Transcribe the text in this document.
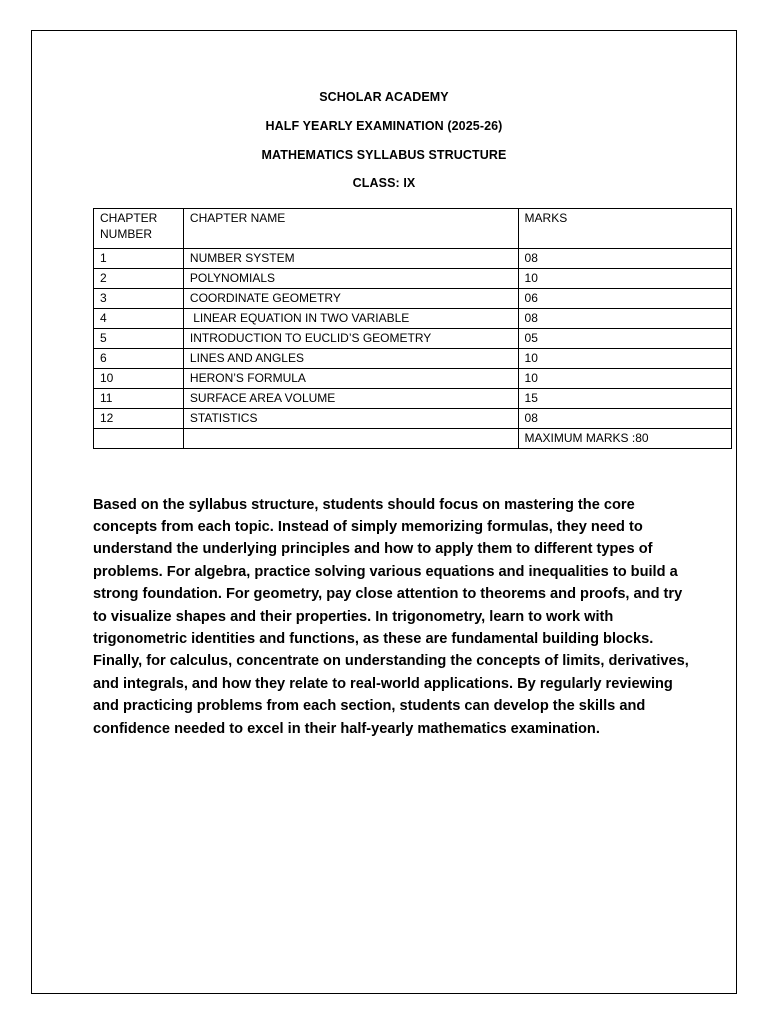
SCHOLAR ACADEMY
HALF YEARLY EXAMINATION (2025-26)
MATHEMATICS SYLLABUS STRUCTURE
CLASS: IX
CHAPTER NUMBER	CHAPTER NAME	MARKS
1	NUMBER SYSTEM	08
2	POLYNOMIALS	10
3	COORDINATE GEOMETRY	06
4	LINEAR EQUATION IN TWO VARIABLE	08
5	INTRODUCTION TO EUCLID’S GEOMETRY	05
6	LINES AND ANGLES	10
10	HERON’S FORMULA	10
11	SURFACE AREA VOLUME	15
12	STATISTICS	08
		MAXIMUM MARKS :80

Based on the syllabus structure, students should focus on mastering the core concepts from each topic. Instead of simply memorizing formulas, they need to understand the underlying principles and how to apply them to different types of problems. For algebra, practice solving various equations and inequalities to build a strong foundation. For geometry, pay close attention to theorems and proofs, and try to visualize shapes and their properties. In trigonometry, learn to work with trigonometric identities and functions, as these are fundamental building blocks. Finally, for calculus, concentrate on understanding the concepts of limits, derivatives, and integrals, and how they relate to real-world applications. By regularly reviewing and practicing problems from each section, students can develop the skills and confidence needed to excel in their half-yearly mathematics examination.
